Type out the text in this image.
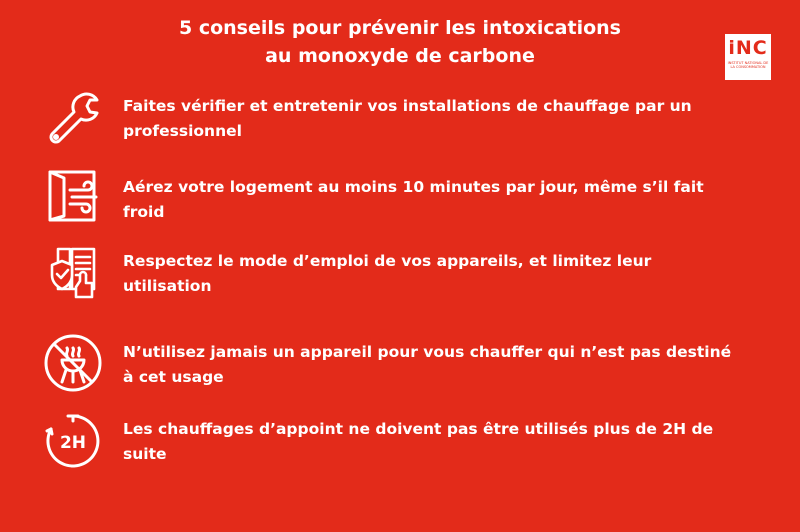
5 conseils pour prévenir les intoxications
au monoxyde de carbone	iNC
INSTITUT NATIONAL DE LA CONSOMMATION
Faites vérifier et entretenir vos installations de chauffage par un professionnel
Aérez votre logement au moins 10 minutes par jour, même s’il fait froid
Respectez le mode d’emploi de vos appareils, et limitez leur utilisation
N’utilisez jamais un appareil pour vous chauffer qui n’est pas destiné à cet usage
2H
Les chauffages d’appoint ne doivent pas être utilisés plus de 2H de suite
